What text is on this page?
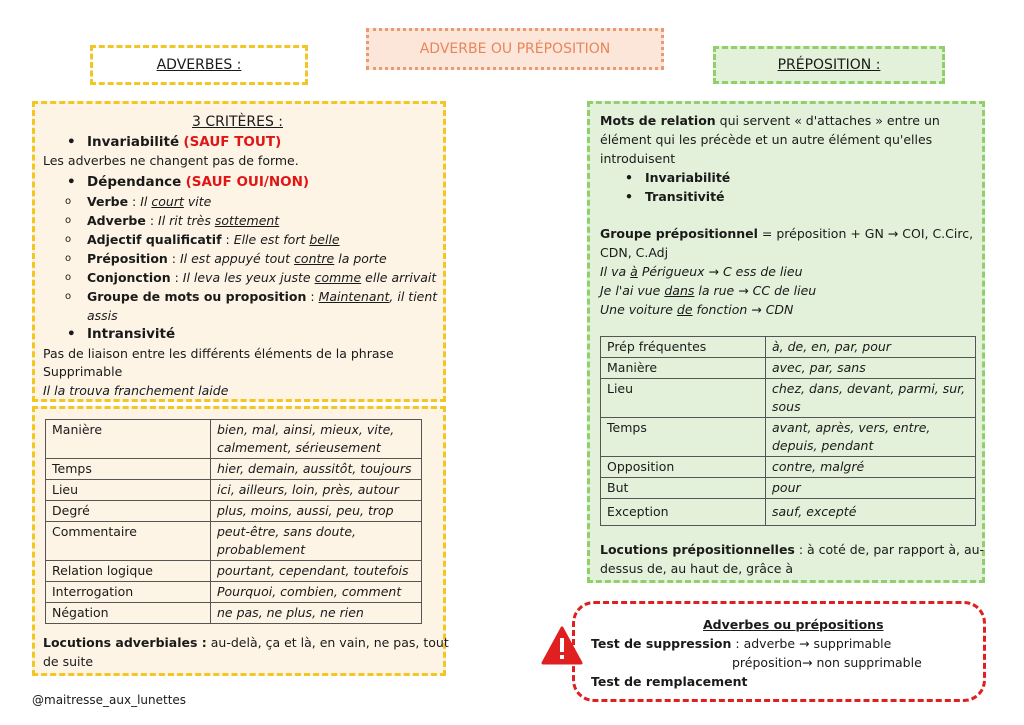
ADVERBE OU PRÉPOSITION
ADVERBES :	PRÉPOSITION :
3 CRITÈRES :
• Invariabilité (SAUF TOUT)
Les adverbes ne changent pas de forme.
• Dépendance (SAUF OUI/NON)
o Verbe : Il court vite
o Adverbe : Il rit très sottement
o Adjectif qualificatif : Elle est fort belle
o Préposition : Il est appuyé tout contre la porte
o Conjonction : Il leva les yeux juste comme elle arrivait
o Groupe de mots ou proposition : Maintenant, il tient
assis
• Intransivité
Pas de liaison entre les différents éléments de la phrase
Supprimable
Il la trouva franchement laide
Manière	bien, mal, ainsi, mieux, vite,
calmement, sérieusement
Temps	hier, demain, aussitôt, toujours
Lieu	ici, ailleurs, loin, près, autour
Degré	plus, moins, aussi, peu, trop
Commentaire	peut-être, sans doute,
probablement
Relation logique	pourtant, cependant, toutefois
Interrogation	Pourquoi, combien, comment
Négation	ne pas, ne plus, ne rien
Locutions adverbiales : au-delà, ça et là, en vain, ne pas, tout
de suite
Mots de relation qui servent « d'attaches » entre un
élément qui les précède et un autre élément qu'elles
introduisent
• Invariabilité
• Transitivité
Groupe prépositionnel = préposition + GN → COI, C.Circ,
CDN, C.Adj
Il va à Périgueux → C ess de lieu
Je l'ai vue dans la rue → CC de lieu
Une voiture de fonction → CDN
Prép fréquentes	à, de, en, par, pour
Manière	avec, par, sans
Lieu	chez, dans, devant, parmi, sur,
sous
Temps	avant, après, vers, entre,
depuis, pendant
Opposition	contre, malgré
But	pour
Exception	sauf, excepté
Locutions prépositionnelles : à coté de, par rapport à, au-
dessus de, au haut de, grâce à
Adverbes ou prépositions
Test de suppression : adverbe → supprimable
préposition→ non supprimable
Test de remplacement
@maitresse_aux_lunettes
